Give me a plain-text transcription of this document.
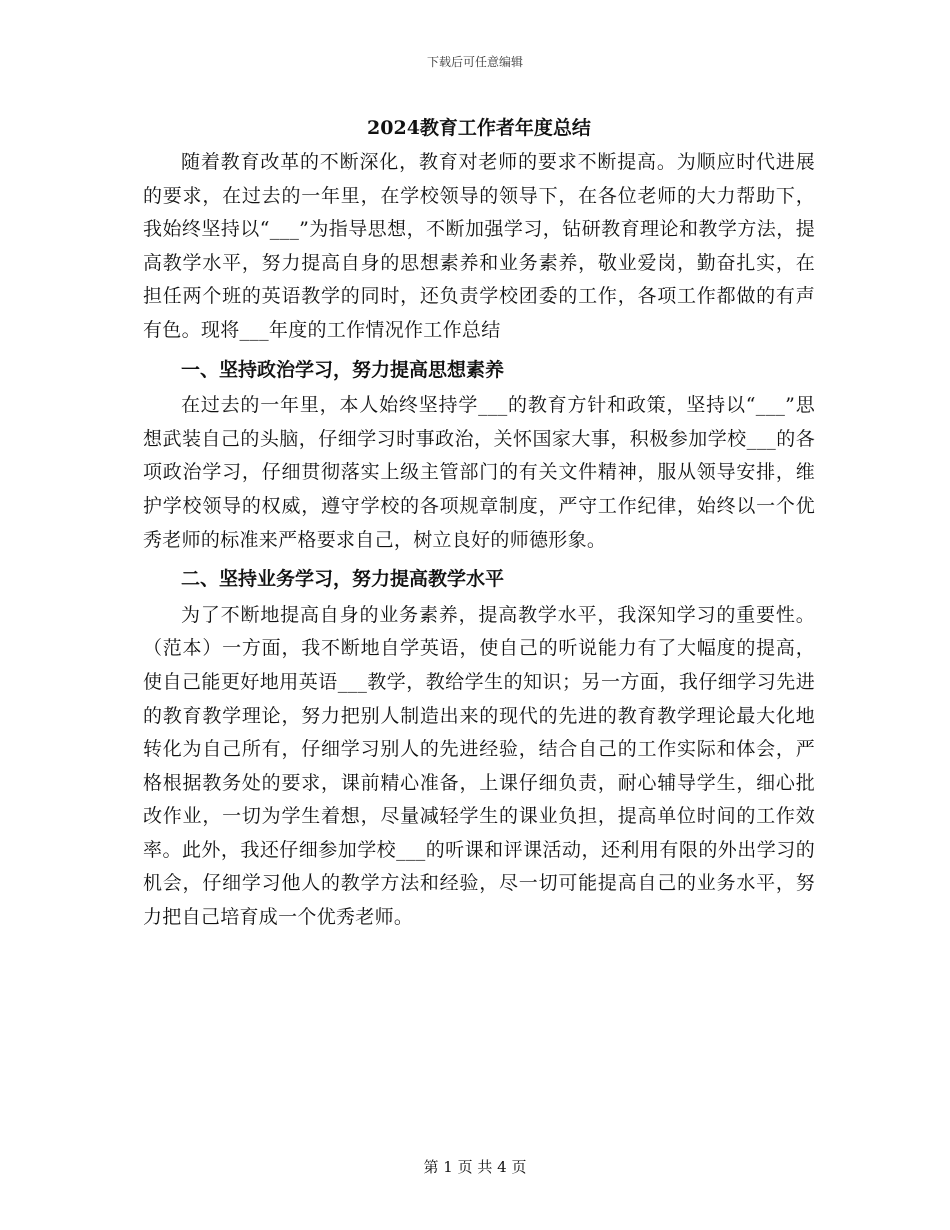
下载后可任意编辑
2024教育工作者年度总结

随着教育改革的不断深化，教育对老师的要求不断提高。为顺应时代进展的要求，在过去的一年里，在学校领导的领导下，在各位老师的大力帮助下，我始终坚持以“___”为指导思想，不断加强学习，钻研教育理论和教学方法，提高教学水平，努力提高自身的思想素养和业务素养，敬业爱岗，勤奋扎实，在担任两个班的英语教学的同时，还负责学校团委的工作，各项工作都做的有声有色。现将___年度的工作情况作工作总结

一、坚持政治学习，努力提高思想素养

在过去的一年里，本人始终坚持学___的教育方针和政策，坚持以“___”思想武装自己的头脑，仔细学习时事政治，关怀国家大事，积极参加学校___的各项政治学习，仔细贯彻落实上级主管部门的有关文件精神，服从领导安排，维护学校领导的权威，遵守学校的各项规章制度，严守工作纪律，始终以一个优秀老师的标准来严格要求自己，树立良好的师德形象。

二、坚持业务学习，努力提高教学水平

为了不断地提高自身的业务素养，提高教学水平，我深知学习的重要性。（范本）一方面，我不断地自学英语，使自己的听说能力有了大幅度的提高，使自己能更好地用英语___教学，教给学生的知识；另一方面，我仔细学习先进的教育教学理论，努力把别人制造出来的现代的先进的教育教学理论最大化地转化为自己所有，仔细学习别人的先进经验，结合自己的工作实际和体会，严格根据教务处的要求，课前精心准备，上课仔细负责，耐心辅导学生，细心批改作业，一切为学生着想，尽量减轻学生的课业负担，提高单位时间的工作效率。此外，我还仔细参加学校___的听课和评课活动，还利用有限的外出学习的机会，仔细学习他人的教学方法和经验，尽一切可能提高自己的业务水平，努力把自己培育成一个优秀老师。

第 1 页 共 4 页
